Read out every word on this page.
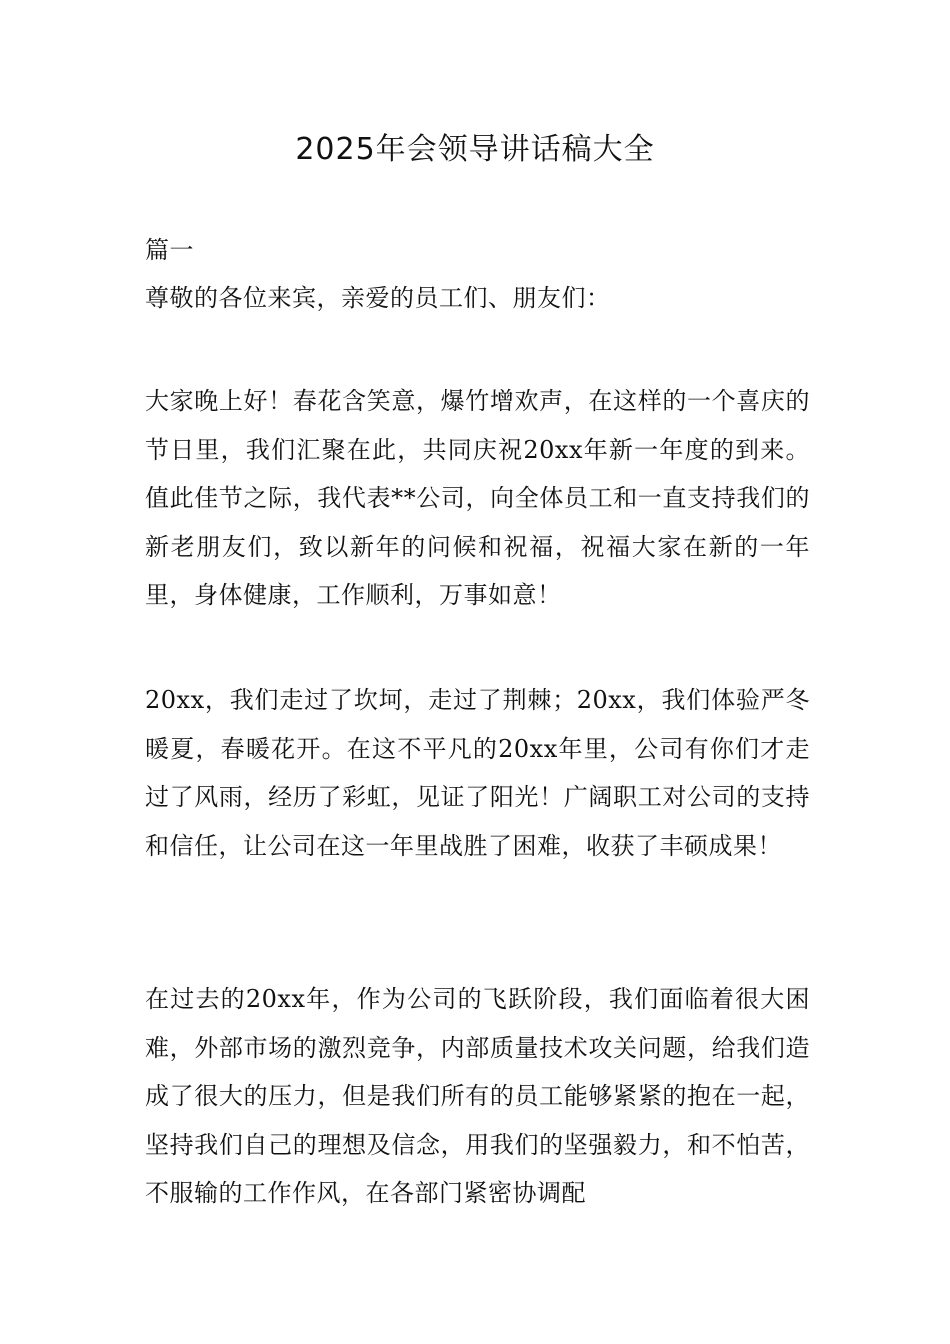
2025年会领导讲话稿大全

篇一

尊敬的各位来宾，亲爱的员工们、朋友们：

大家晚上好！春花含笑意，爆竹增欢声，在这样的一个喜庆的节日里，我们汇聚在此，共同庆祝20xx年新一年度的到来。值此佳节之际，我代表**公司，向全体员工和一直支持我们的新老朋友们，致以新年的问候和祝福，祝福大家在新的一年里，身体健康，工作顺利，万事如意！

20xx，我们走过了坎坷，走过了荆棘；20xx，我们体验严冬暖夏，春暖花开。在这不平凡的20xx年里，公司有你们才走过了风雨，经历了彩虹，见证了阳光！广阔职工对公司的支持和信任，让公司在这一年里战胜了困难，收获了丰硕成果！

在过去的20xx年，作为公司的飞跃阶段，我们面临着很大困难，外部市场的激烈竞争，内部质量技术攻关问题，给我们造成了很大的压力，但是我们所有的员工能够紧紧的抱在一起，坚持我们自己的理想及信念，用我们的坚强毅力，和不怕苦，不服输的工作作风，在各部门紧密协调配
